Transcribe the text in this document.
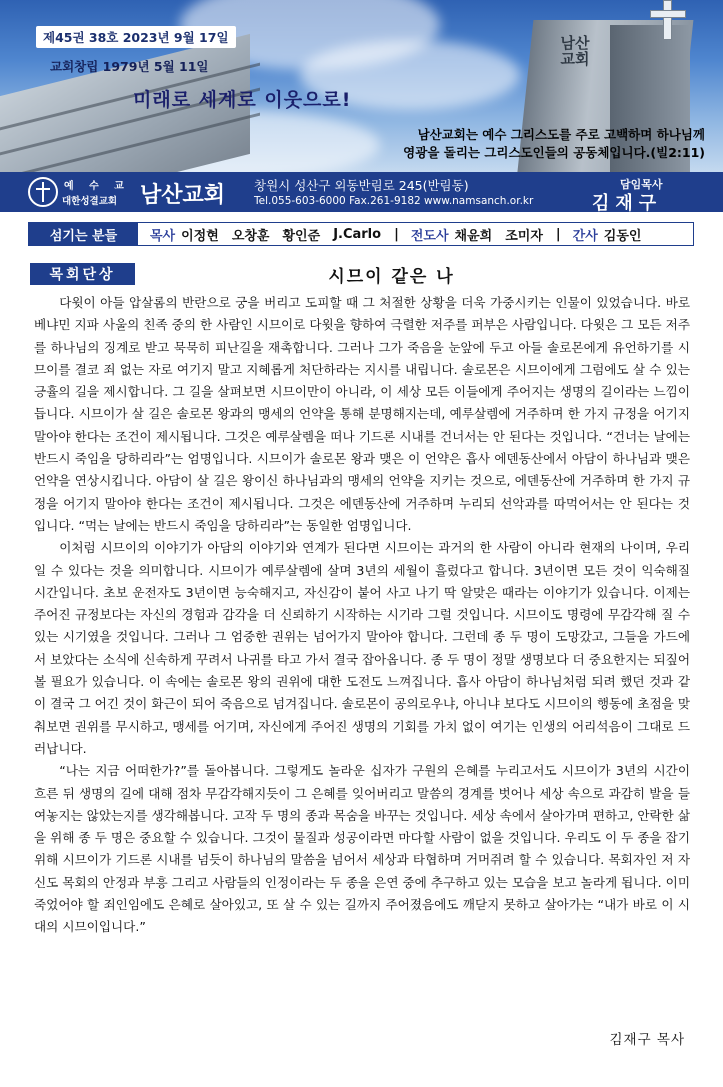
남산교회
제45권 38호 2023년 9월 17일
교회창립 1979년 5월 11일
미래로 세계로 이웃으로!
남산교회는 예수 그리스도를 주로 고백하며 하나님께
영광을 돌리는 그리스도인들의 공동체입니다.(빌2:11)
예 수 교
대한성결교회 남산교회 창원시 성산구 외동반림로 245(반림동)
Tel.055-603-6000 Fax.261-9182 www.namsanch.or.kr
담임목사
김재구
섬기는 분들	목사 이정현 오창훈 황인준 J.Carlo | 전도사 채윤희 조미자 | 간사 김동인
목회단상	시므이 같은 나

다윗이 아들 압살롬의 반란으로 궁을 버리고 도피할 때 그 처절한 상황을 더욱 가중시키는 인물이 있었습니다. 바로 베냐민 지파 사울의 친족 중의 한 사람인 시므이로 다윗을 향하여 극렬한 저주를 퍼부은 사람입니다. 다윗은 그 모든 저주를 하나님의 징계로 받고 묵묵히 피난길을 재촉합니다. 그러나 그가 죽음을 눈앞에 두고 아들 솔로몬에게 유언하기를 시므이를 결코 죄 없는 자로 여기지 말고 지혜롭게 처단하라는 지시를 내립니다. 솔로몬은 시므이에게 그럼에도 살 수 있는 긍휼의 길을 제시합니다. 그 길을 살펴보면 시므이만이 아니라, 이 세상 모든 이들에게 주어지는 생명의 길이라는 느낌이 듭니다. 시므이가 살 길은 솔로몬 왕과의 맹세의 언약을 통해 분명해지는데, 예루살렘에 거주하며 한 가지 규정을 어기지 말아야 한다는 조건이 제시됩니다. 그것은 예루살렘을 떠나 기드론 시내를 건너서는 안 된다는 것입니다. “건너는 날에는 반드시 죽임을 당하리라”는 엄명입니다. 시므이가 솔로몬 왕과 맺은 이 언약은 흡사 에덴동산에서 아담이 하나님과 맺은 언약을 연상시킵니다. 아담이 살 길은 왕이신 하나님과의 맹세의 언약을 지키는 것으로, 에덴동산에 거주하며 한 가지 규정을 어기지 말아야 한다는 조건이 제시됩니다. 그것은 에덴동산에 거주하며 누리되 선악과를 따먹어서는 안 된다는 것입니다. “먹는 날에는 반드시 죽임을 당하리라”는 동일한 엄명입니다.

이처럼 시므이의 이야기가 아담의 이야기와 연계가 된다면 시므이는 과거의 한 사람이 아니라 현재의 나이며, 우리일 수 있다는 것을 의미합니다. 시므이가 예루살렘에 살며 3년의 세월이 흘렀다고 합니다. 3년이면 모든 것이 익숙해질 시간입니다. 초보 운전자도 3년이면 능숙해지고, 자신감이 붙어 사고 나기 딱 알맞은 때라는 이야기가 있습니다. 이제는 주어진 규정보다는 자신의 경험과 감각을 더 신뢰하기 시작하는 시기라 그럴 것입니다. 시므이도 명령에 무감각해 질 수 있는 시기였을 것입니다. 그러나 그 엄중한 권위는 넘어가지 말아야 합니다. 그런데 종 두 명이 도망갔고, 그들을 가드에서 보았다는 소식에 신속하게 꾸려서 나귀를 타고 가서 결국 잡아옵니다. 종 두 명이 정말 생명보다 더 중요한지는 되짚어볼 필요가 있습니다. 이 속에는 솔로몬 왕의 권위에 대한 도전도 느껴집니다. 흡사 아담이 하나님처럼 되려 했던 것과 같이 결국 그 어긴 것이 화근이 되어 죽음으로 넘겨집니다. 솔로몬이 공의로우냐, 아니냐 보다도 시므이의 행동에 초점을 맞춰보면 권위를 무시하고, 맹세를 어기며, 자신에게 주어진 생명의 기회를 가치 없이 여기는 인생의 어리석음이 그대로 드러납니다.

“나는 지금 어떠한가?”를 돌아봅니다. 그렇게도 놀라운 십자가 구원의 은혜를 누리고서도 시므이가 3년의 시간이 흐른 뒤 생명의 길에 대해 점차 무감각해지듯이 그 은혜를 잊어버리고 말씀의 경계를 벗어나 세상 속으로 과감히 발을 들여놓지는 않았는지를 생각해봅니다. 고작 두 명의 종과 목숨을 바꾸는 것입니다. 세상 속에서 살아가며 편하고, 안락한 삶을 위해 종 두 명은 중요할 수 있습니다. 그것이 물질과 성공이라면 마다할 사람이 없을 것입니다. 우리도 이 두 종을 잡기 위해 시므이가 기드론 시내를 넘듯이 하나님의 말씀을 넘어서 세상과 타협하며 거머쥐려 할 수 있습니다. 목회자인 저 자신도 목회의 안정과 부흥 그리고 사람들의 인정이라는 두 종을 은연 중에 추구하고 있는 모습을 보고 놀라게 됩니다. 이미 죽었어야 할 죄인임에도 은혜로 살아있고, 또 살 수 있는 길까지 주어졌음에도 깨닫지 못하고 살아가는 “내가 바로 이 시대의 시므이입니다.”

김재구 목사
